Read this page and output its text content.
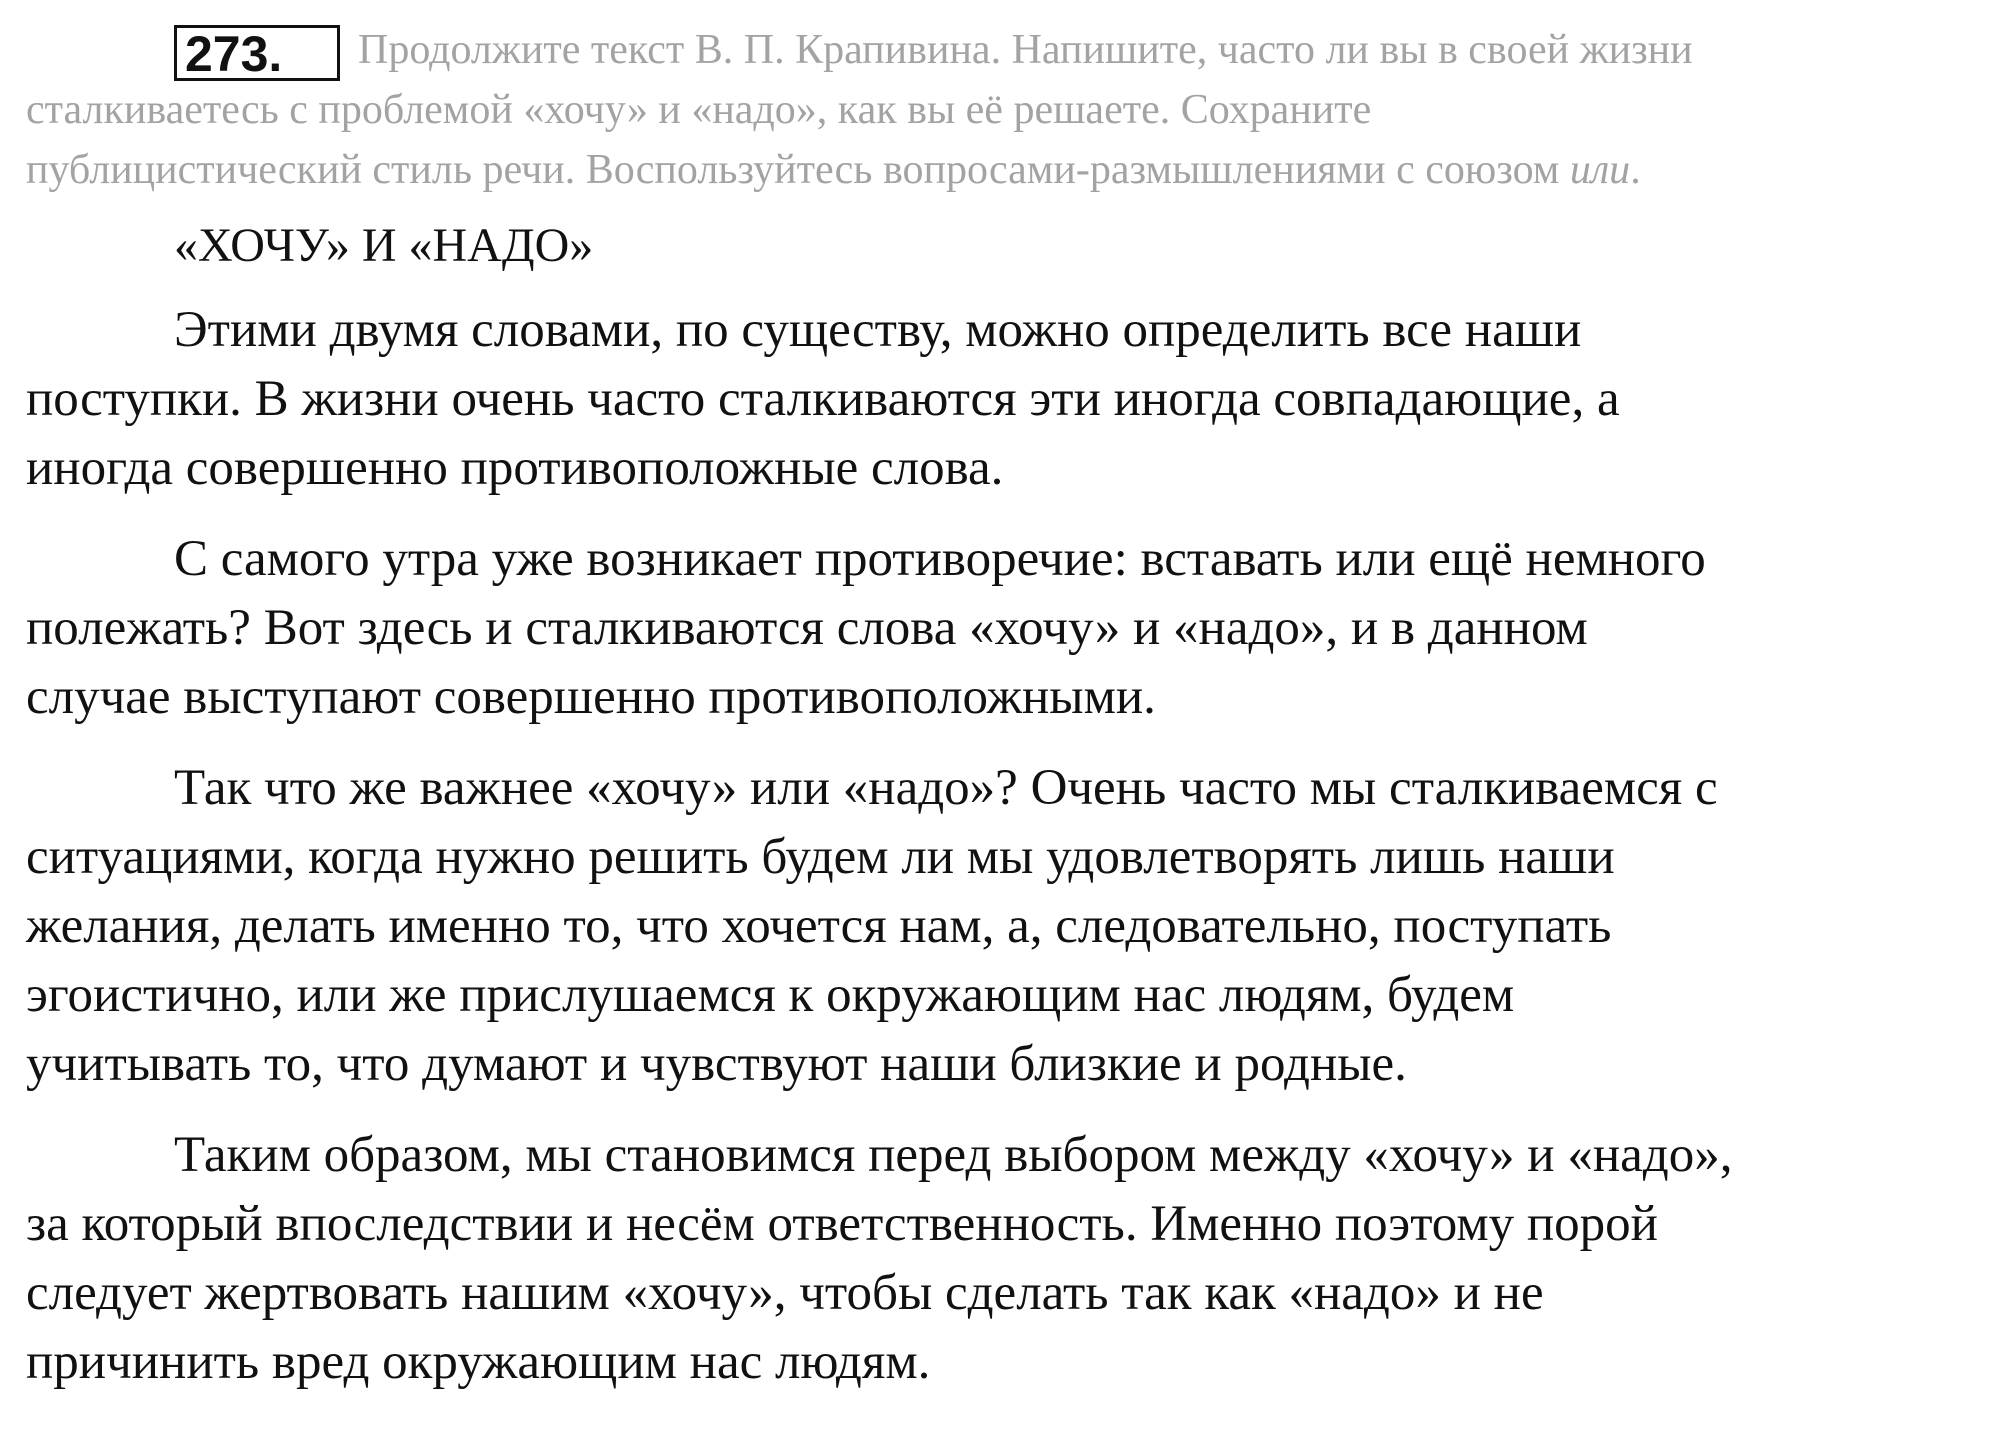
273.	Продолжите текст В. П. Крапивина. Напишите, часто ли вы в своей жизни
сталкиваетесь с проблемой «хочу» и «надо», как вы её решаете. Сохраните
публицистический стиль речи. Воспользуйтесь вопросами-размышлениями с союзом или.
«ХОЧУ» И «НАДО»
Этими двумя словами, по существу, можно определить все наши
поступки. В жизни очень часто сталкиваются эти иногда совпадающие, а
иногда совершенно противоположные слова.
С самого утра уже возникает противоречие: вставать или ещё немного
полежать? Вот здесь и сталкиваются слова «хочу» и «надо», и в данном
случае выступают совершенно противоположными.
Так что же важнее «хочу» или «надо»? Очень часто мы сталкиваемся с
ситуациями, когда нужно решить будем ли мы удовлетворять лишь наши
желания, делать именно то, что хочется нам, а, следовательно, поступать
эгоистично, или же прислушаемся к окружающим нас людям, будем
учитывать то, что думают и чувствуют наши близкие и родные.
Таким образом, мы становимся перед выбором между «хочу» и «надо»,
за который впоследствии и несём ответственность. Именно поэтому порой
следует жертвовать нашим «хочу», чтобы сделать так как «надо» и не
причинить вред окружающим нас людям.
